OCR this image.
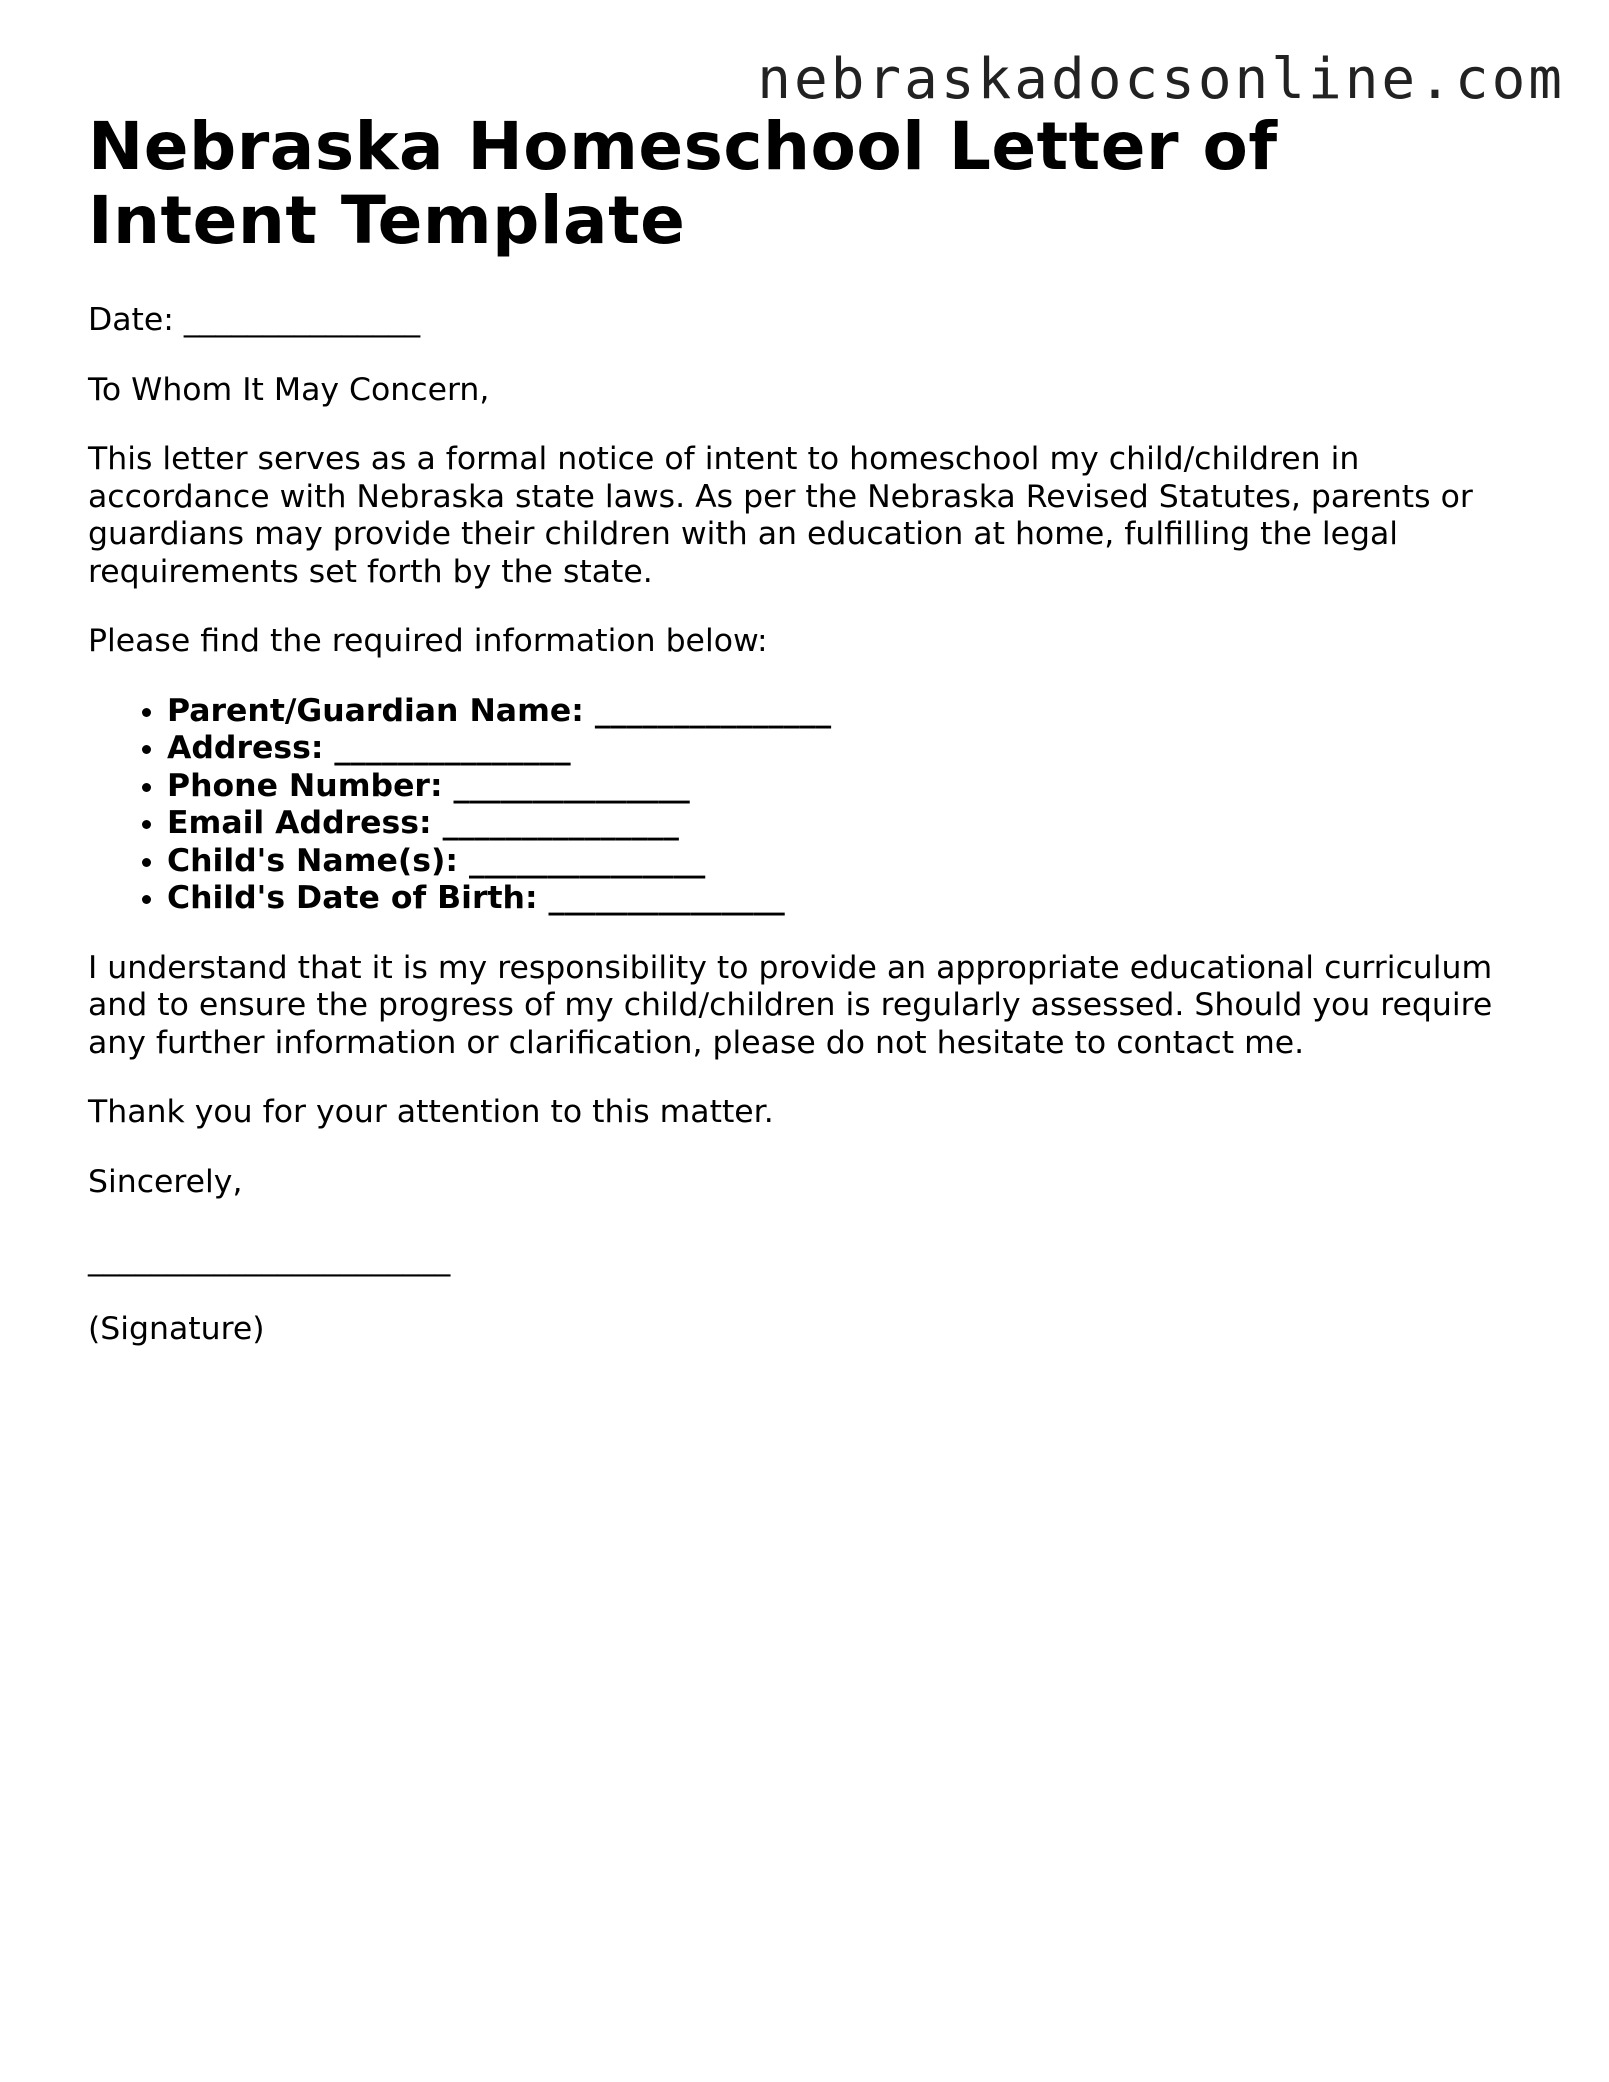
nebraskadocsonline.com
Nebraska Homeschool Letter of Intent Template

Date: _______________

To Whom It May Concern,

This letter serves as a formal notice of intent to homeschool my child/children in accordance with Nebraska state laws. As per the Nebraska Revised Statutes, parents or guardians may provide their children with an education at home, fulfilling the legal requirements set forth by the state.

Please find the required information below:

• Parent/Guardian Name: _______________
• Address: _______________
• Phone Number: _______________
• Email Address: _______________
• Child's Name(s): _______________
• Child's Date of Birth: _______________

I understand that it is my responsibility to provide an appropriate educational curriculum and to ensure the progress of my child/children is regularly assessed. Should you require any further information or clarification, please do not hesitate to contact me.

Thank you for your attention to this matter.

Sincerely,

_______________________

(Signature)
